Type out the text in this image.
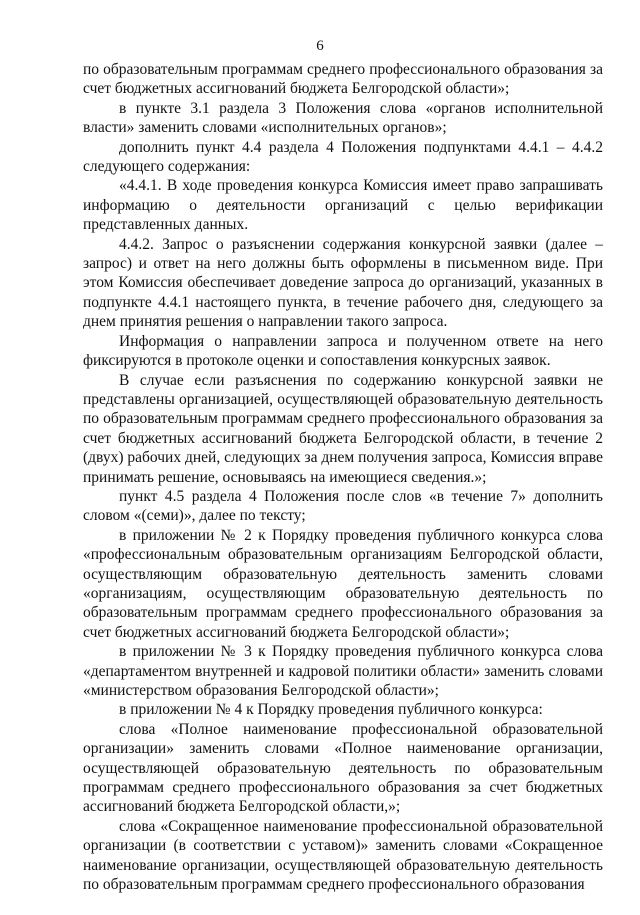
6

по образовательным программам среднего профессионального образования за счет бюджетных ассигнований бюджета Белгородской области»;

в пункте 3.1 раздела 3 Положения слова «органов исполнительной власти» заменить словами «исполнительных органов»;

дополнить пункт 4.4 раздела 4 Положения подпунктами 4.4.1 – 4.4.2 следующего содержания:

«4.4.1. В ходе проведения конкурса Комиссия имеет право запрашивать информацию о деятельности организаций с целью верификации представленных данных.

4.4.2. Запрос о разъяснении содержания конкурсной заявки (далее – запрос) и ответ на него должны быть оформлены в письменном виде. При этом Комиссия обеспечивает доведение запроса до организаций, указанных в подпункте 4.4.1 настоящего пункта, в течение рабочего дня, следующего за днем принятия решения о направлении такого запроса.

Информация о направлении запроса и полученном ответе на него фиксируются в протоколе оценки и сопоставления конкурсных заявок.

В случае если разъяснения по содержанию конкурсной заявки не представлены организацией, осуществляющей образовательную деятельность по образовательным программам среднего профессионального образования за счет бюджетных ассигнований бюджета Белгородской области, в течение 2 (двух) рабочих дней, следующих за днем получения запроса, Комиссия вправе принимать решение, основываясь на имеющиеся сведения.»;

пункт 4.5 раздела 4 Положения после слов «в течение 7» дополнить словом «(семи)», далее по тексту;

в приложении № 2 к Порядку проведения публичного конкурса слова «профессиональным образовательным организациям Белгородской области, осуществляющим образовательную деятельность заменить словами «организациям, осуществляющим образовательную деятельность по образовательным программам среднего профессионального образования за счет бюджетных ассигнований бюджета Белгородской области»;

в приложении № 3 к Порядку проведения публичного конкурса слова «департаментом внутренней и кадровой политики области» заменить словами «министерством образования Белгородской области»;

в приложении № 4 к Порядку проведения публичного конкурса:

слова «Полное наименование профессиональной образовательной организации» заменить словами «Полное наименование организации, осуществляющей образовательную деятельность по образовательным программам среднего профессионального образования за счет бюджетных ассигнований бюджета Белгородской области,»;

слова «Сокращенное наименование профессиональной образовательной организации (в соответствии с уставом)» заменить словами «Сокращенное наименование организации, осуществляющей образовательную деятельность по образовательным программам среднего профессионального образования
